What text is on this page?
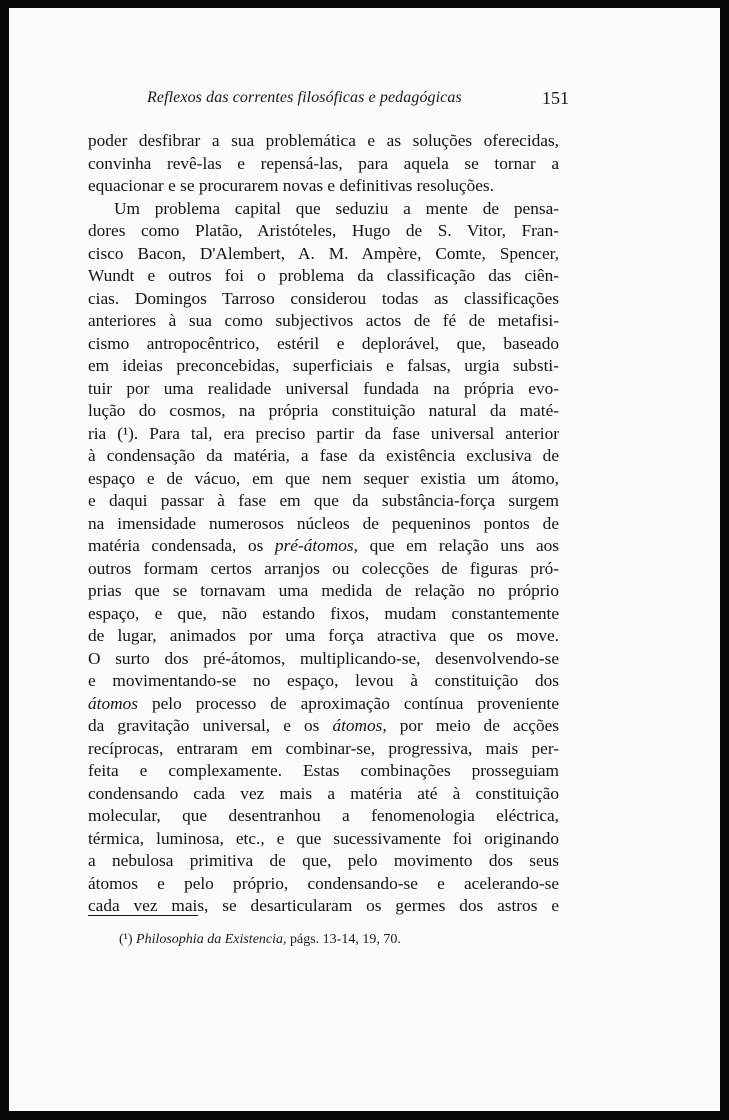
Reflexos das correntes filosóficas e pedagógicas	151
poder desfibrar a sua problemática e as soluções oferecidas,
convinha revê-las e repensá-las, para aquela se tornar a
equacionar e se procurarem novas e definitivas resoluções.
Um problema capital que seduziu a mente de pensa-
dores como Platão, Aristóteles, Hugo de S. Vitor, Fran-
cisco Bacon, D'Alembert, A. M. Ampère, Comte, Spencer,
Wundt e outros foi o problema da classificação das ciên-
cias. Domingos Tarroso considerou todas as classificações
anteriores à sua como subjectivos actos de fé de metafisi-
cismo antropocêntrico, estéril e deplorável, que, baseado
em ideias preconcebidas, superficiais e falsas, urgia substi-
tuir por uma realidade universal fundada na própria evo-
lução do cosmos, na própria constituição natural da maté-
ria (¹). Para tal, era preciso partir da fase universal anterior
à condensação da matéria, a fase da existência exclusiva de
espaço e de vácuo, em que nem sequer existia um átomo,
e daqui passar à fase em que da substância-força surgem
na imensidade numerosos núcleos de pequeninos pontos de
matéria condensada, os pré-átomos, que em relação uns aos
outros formam certos arranjos ou colecções de figuras pró-
prias que se tornavam uma medida de relação no próprio
espaço, e que, não estando fixos, mudam constantemente
de lugar, animados por uma força atractiva que os move.
O surto dos pré-átomos, multiplicando-se, desenvolvendo-se
e movimentando-se no espaço, levou à constituição dos
átomos pelo processo de aproximação contínua proveniente
da gravitação universal, e os átomos, por meio de acções
recíprocas, entraram em combinar-se, progressiva, mais per-
feita e complexamente. Estas combinações prosseguiam
condensando cada vez mais a matéria até à constituição
molecular, que desentranhou a fenomenologia eléctrica,
térmica, luminosa, etc., e que sucessivamente foi originando
a nebulosa primitiva de que, pelo movimento dos seus
átomos e pelo próprio, condensando-se e acelerando-se
cada vez mais, se desarticularam os germes dos astros e
(¹) Philosophia da Existencia, págs. 13-14, 19, 70.
